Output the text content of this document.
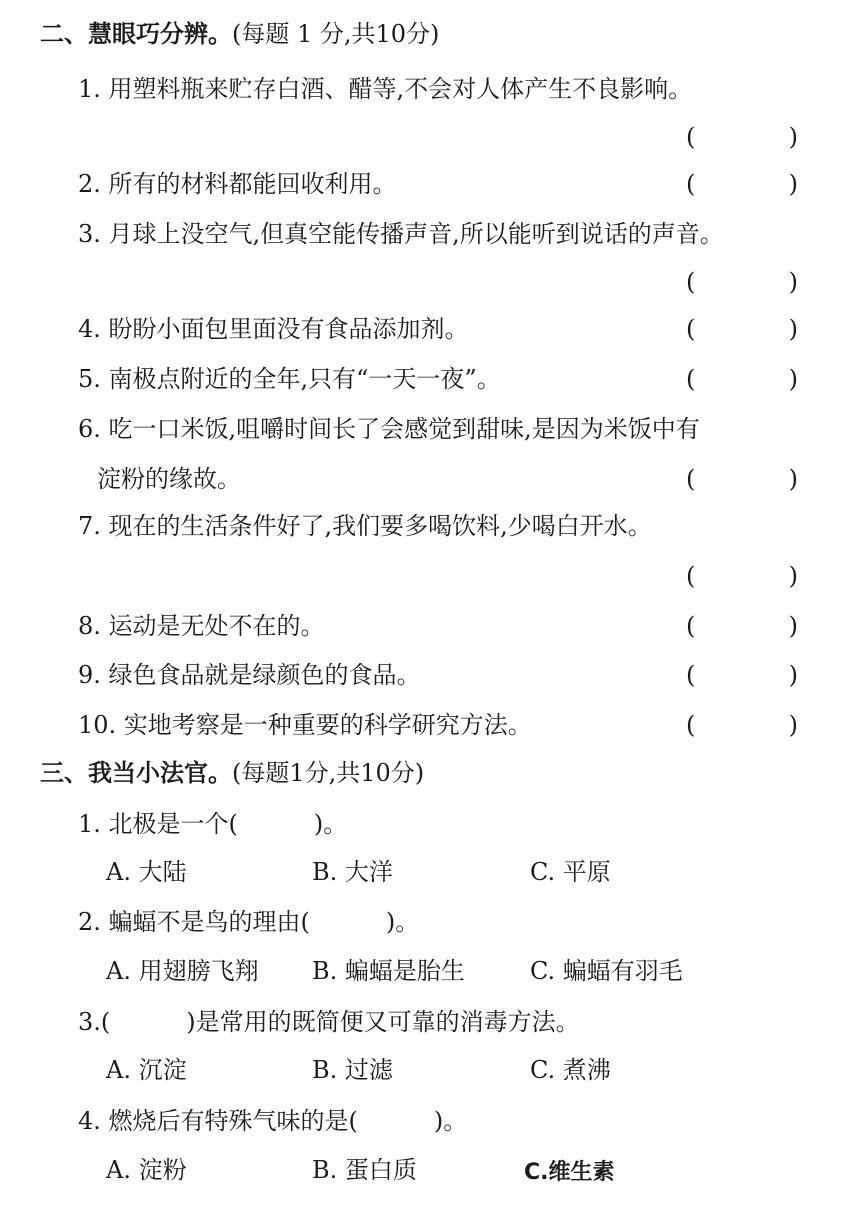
二、慧眼巧分辨。(每题 1 分,共10分)
1. 用塑料瓶来贮存白酒、醋等,不会对人体产生不良影响。
(	)
2. 所有的材料都能回收利用。	(	)
3. 月球上没空气,但真空能传播声音,所以能听到说话的声音。
(	)
4. 盼盼小面包里面没有食品添加剂。	(	)
5. 南极点附近的全年,只有“一天一夜”。	(	)
6. 吃一口米饭,咀嚼时间长了会感觉到甜味,是因为米饭中有
淀粉的缘故。	(	)
7. 现在的生活条件好了,我们要多喝饮料,少喝白开水。
(	)
8. 运动是无处不在的。	(	)
9. 绿色食品就是绿颜色的食品。	(	)
10. 实地考察是一种重要的科学研究方法。	(	)
三、我当小法官。(每题1分,共10分)
1. 北极是一个(	)。
A. 大陆	B. 大洋	C. 平原
2. 蝙蝠不是鸟的理由(	)。
A. 用翅膀飞翔 B. 蝙蝠是胎生	C. 蝙蝠有羽毛
3.(	)是常用的既简便又可靠的消毒方法。
A. 沉淀	B. 过滤	C. 煮沸
4. 燃烧后有特殊气味的是(	)。
A. 淀粉	B. 蛋白质	C.维生素
